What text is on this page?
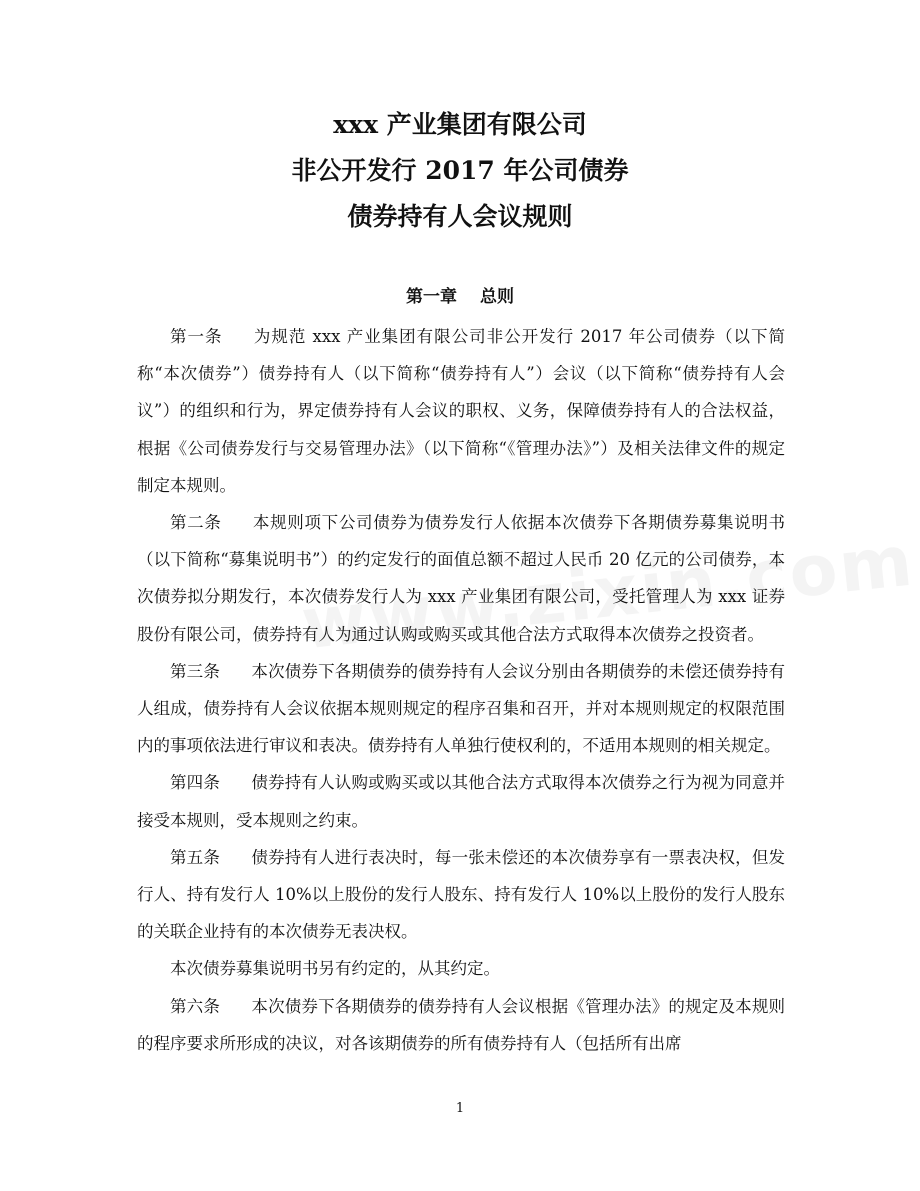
xxx 产业集团有限公司
非公开发行 2017 年公司债券
债券持有人会议规则
第一章　 总则

第一条 为规范 xxx 产业集团有限公司非公开发行 2017 年公司债券（以下简称“本次债券”）债券持有人（以下简称“债券持有人”）会议（以下简称“债券持有人会议”）的组织和行为，界定债券持有人会议的职权、义务，保障债券持有人的合法权益，根据《公司债券发行与交易管理办法》（以下简称“《管理办法》”）及相关法律文件的规定制定本规则。

第二条 本规则项下公司债券为债券发行人依据本次债券下各期债券募集说明书（以下简称“募集说明书”）的约定发行的面值总额不超过人民币 20 亿元的公司债券，本次债券拟分期发行，本次债券发行人为 xxx 产业集团有限公司，受托管理人为 xxx 证券股份有限公司，债券持有人为通过认购或购买或其他合法方式取得本次债券之投资者。

第三条 本次债券下各期债券的债券持有人会议分别由各期债券的未偿还债券持有人组成，债券持有人会议依据本规则规定的程序召集和召开，并对本规则规定的权限范围内的事项依法进行审议和表决。债券持有人单独行使权利的，不适用本规则的相关规定。

第四条 债券持有人认购或购买或以其他合法方式取得本次债券之行为视为同意并接受本规则，受本规则之约束。

第五条 债券持有人进行表决时，每一张未偿还的本次债券享有一票表决权，但发行人、持有发行人 10%以上股份的发行人股东、持有发行人 10%以上股份的发行人股东的关联企业持有的本次债券无表决权。

本次债券募集说明书另有约定的，从其约定。

第六条 本次债券下各期债券的债券持有人会议根据《管理办法》的规定及本规则的程序要求所形成的决议，对各该期债券的所有债券持有人（包括所有出席

1
